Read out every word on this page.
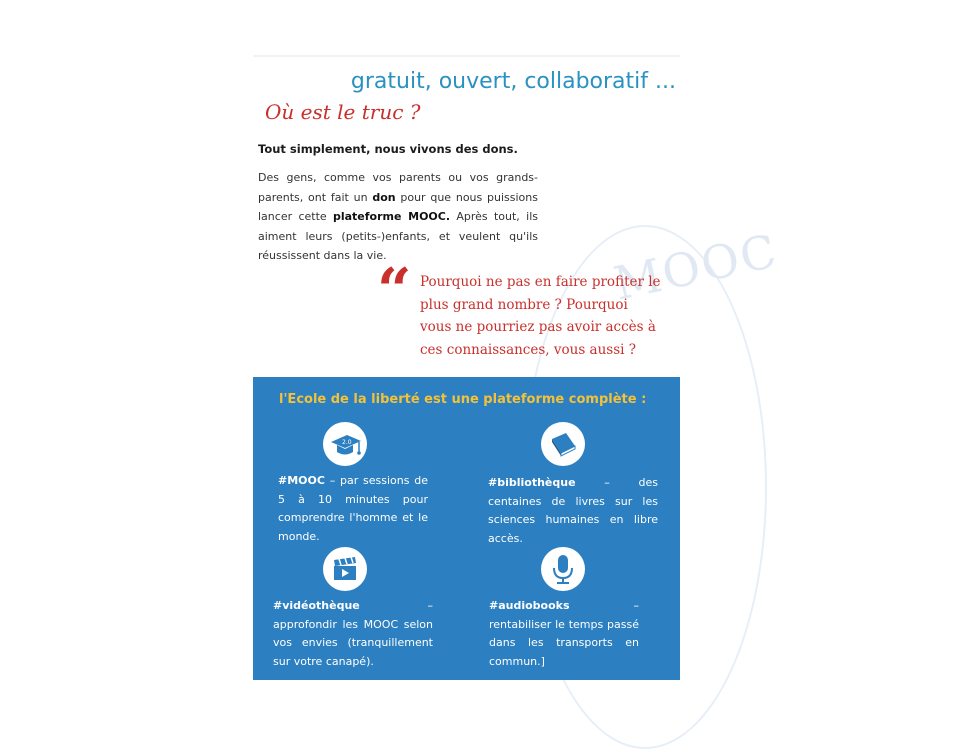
MOOC
gratuit, ouvert, collaboratif ...
Où est le truc ?
Tout simplement, nous vivons des dons.
Des gens, comme vos parents ou vos grands-parents, ont fait un don pour que nous puissions lancer cette plateforme MOOC. Après tout, ils aiment leurs (petits-)enfants, et veulent qu'ils réussissent dans la vie.
“ Pourquoi ne pas en faire profiter le
plus grand nombre ? Pourquoi
vous ne pourriez pas avoir accès à
ces connaissances, vous aussi ?
l'Ecole de la liberté est une plateforme complète :
2.0
#MOOC – par sessions de 5 à 10 minutes pour comprendre l'homme et le monde.
#bibliothèque – des centaines de livres sur les sciences humaines en libre accès.
#vidéothèque – approfondir les MOOC selon vos envies (tranquillement sur votre canapé).
#audiobooks – rentabiliser le temps passé dans les transports en commun.]
